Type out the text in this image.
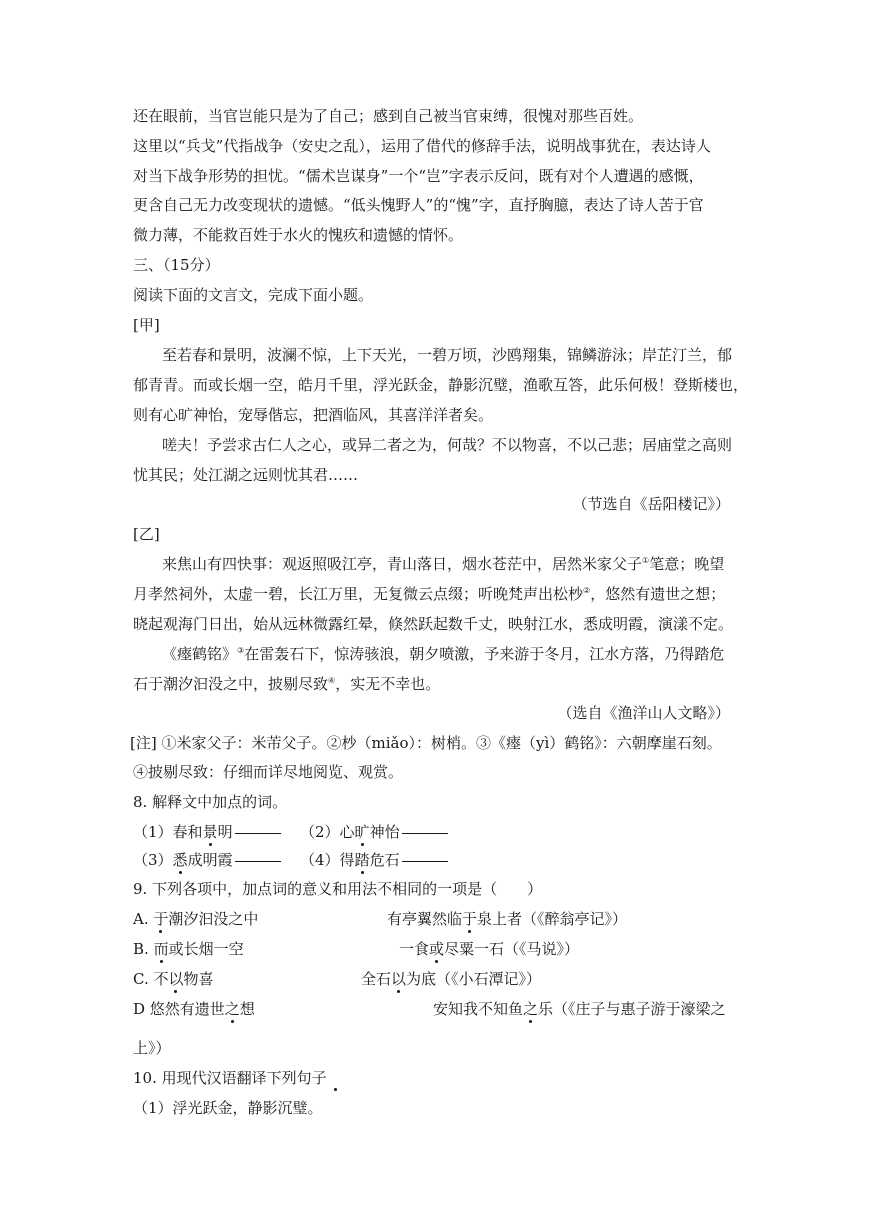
还在眼前，当官岂能只是为了自己；感到自己被当官束缚，很愧对那些百姓。
这里以“兵戈”代指战争（安史之乱），运用了借代的修辞手法，说明战事犹在，表达诗人
对当下战争形势的担忧。“儒术岂谋身”一个“岂”字表示反问，既有对个人遭遇的感慨，
更含自己无力改变现状的遗憾。“低头愧野人”的“愧”字，直抒胸臆，表达了诗人苦于官
微力薄，不能救百姓于水火的愧疚和遗憾的情怀。
三、（15分）
阅读下面的文言文，完成下面小题。
[甲]
至若春和景明，波澜不惊，上下天光，一碧万顷，沙鸥翔集，锦鳞游泳；岸芷汀兰，郁
郁青青。而或长烟一空，皓月千里，浮光跃金，静影沉璧，渔歌互答，此乐何极！登斯楼也，
则有心旷神怡，宠辱偕忘，把酒临风，其喜洋洋者矣。
嗟夫！予尝求古仁人之心，或异二者之为，何哉？不以物喜，不以己悲；居庙堂之高则
忧其民；处江湖之远则忧其君……
（节选自《岳阳楼记》）
[乙]
来焦山有四快事：观返照吸江亭，青山落日，烟水苍茫中，居然米家父子①笔意；晚望
月孝然祠外，太虚一碧，长江万里，无复微云点缀；听晚梵声出松杪②，悠然有遗世之想；
晓起观海门日出，始从远林微露红晕，倏然跃起数千丈，映射江水，悉成明霞，演漾不定。
《瘞鹤铭》③在雷轰石下，惊涛骇浪，朝夕喷激，予来游于冬月，江水方落，乃得踏危
石于潮汐汩没之中，披剔尽致④，实无不幸也。
（选自《渔洋山人文略》）
[注] ①米家父子：米芾父子。②杪（miǎo）：树梢。③《瘞（yì）鹤铭》：六朝摩崖石刻。
④披剔尽致：仔细而详尽地阅览、观赏。
8. 解释文中加点的词。
（1）春和景明	（2）心旷神怡
（3）悉成明霞	（4）得踏危石
9. 下列各项中，加点词的意义和用法不相同的一项是（　　）
A. 于潮汐汩没之中	有亭翼然临于泉上者（《醉翁亭记》）
B. 而或长烟一空	一食或尽粟一石（《马说》）
C. 不以物喜	全石以为底（《小石潭记》）
D 悠然有遗世之想	安知我不知鱼之乐（《庄子与惠子游于濠梁之
上》）
10. 用现代汉语翻译下列句子
（1）浮光跃金，静影沉璧。
